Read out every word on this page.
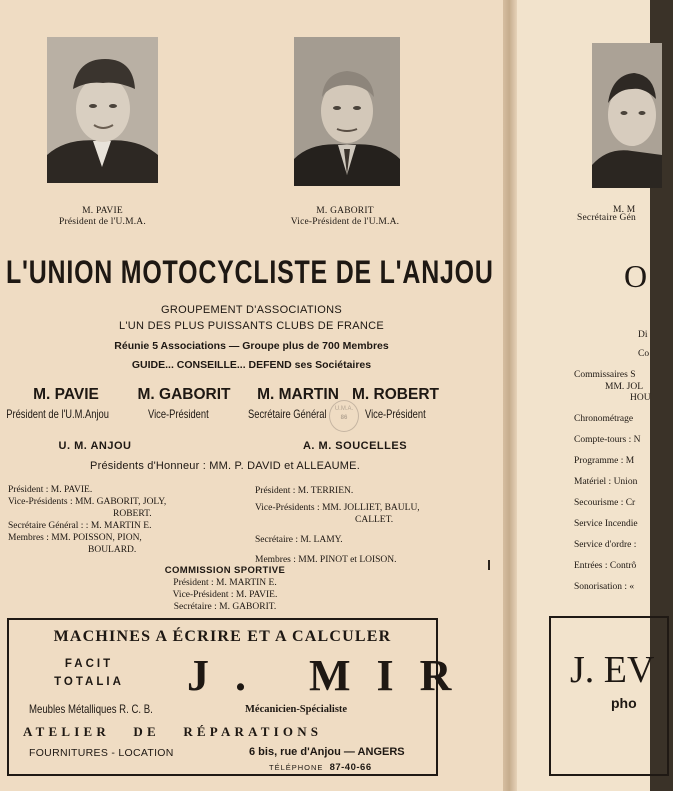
M. PAVIE
Président de l'U.M.A.
M. GABORIT
Vice-Président de l'U.M.A.
L'UNION MOTOCYCLISTE DE L'ANJOU
GROUPEMENT D'ASSOCIATIONS
L'UN DES PLUS PUISSANTS CLUBS DE FRANCE
Réunie 5 Associations — Groupe plus de 700 Membres
GUIDE... CONSEILLE... DEFEND ses Sociétaires
M. PAVIE
Président de l'U.M.Anjou
M. GABORIT
Vice-Président
M. MARTIN
Secrétaire Général
M. ROBERT
Vice-Président
U.M.A.
86
U. M. ANJOU	A. M. SOUCELLES
Présidents d'Honneur : MM. P. DAVID et ALLEAUME.
Président : M. PAVIE.
Vice-Présidents : MM. GABORIT, JOLY,
ROBERT.
Secrétaire Général : : M. MARTIN E.
Membres : MM. POISSON, PION,
BOULARD.
Président : M. TERRIEN.
Vice-Présidents : MM. JOLLIET, BAULU,
CALLET.
Secrétaire : M. LAMY.
Membres : MM. PINOT et LOISON.
COMMISSION SPORTIVE
Président : M. MARTIN E.
Vice-Président : M. PAVIE.
Secrétaire : M. GABORIT.
MACHINES A ÉCRIRE ET A CALCULER
FACIT
TOTALIA J. MIR
Meubles Métalliques R. C. B.	Mécanicien-Spécialiste
ATELIER DE RÉPARATIONS
FOURNITURES - LOCATION	6 bis, rue d'Anjou — ANGERS
TÉLÉPHONE 87-40-66
M. M
Secrétaire Gén
O
Di
Co
Commissaires S
MM. JOL
HOU
Chronométrage
Compte-tours : N
Programme : M
Matériel : Union
Secourisme : Cr
Service Incendie
Service d'ordre :
Entrées : Contrô
Sonorisation : «
J. EV
pho
